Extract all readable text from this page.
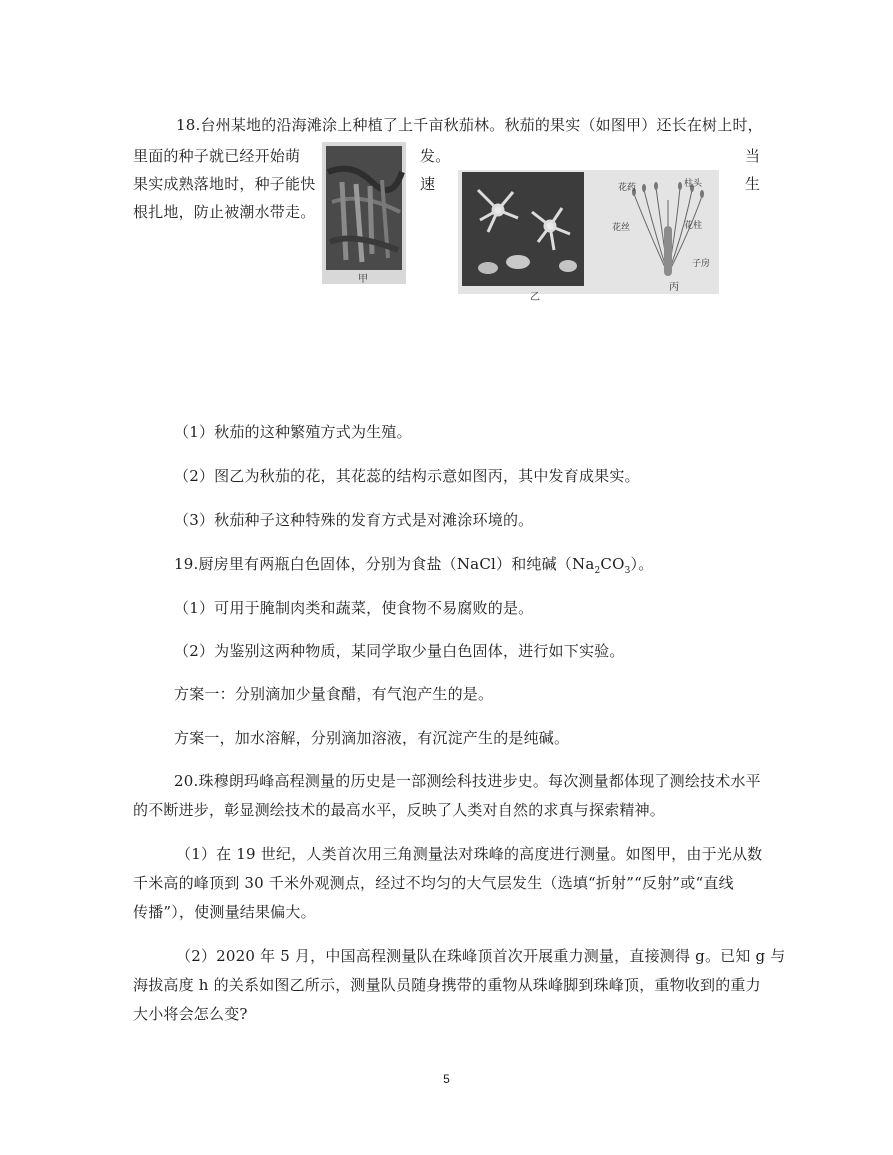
18.台州某地的沿海滩涂上种植了上千亩秋茄林。秋茄的果实（如图甲）还长在树上时，
里面的种子就已经开始萌	发。	当
果实成熟落地时，种子能快	速	生
根扎地，防止被潮水带走。
甲
花药	柱头
花丝	花柱
子房
乙
丙
（1）秋茄的这种繁殖方式为生殖。
（2）图乙为秋茄的花，其花蕊的结构示意如图丙，其中发育成果实。
（3）秋茄种子这种特殊的发育方式是对滩涂环境的。
19.厨房里有两瓶白色固体，分别为食盐（NaCl）和纯碱$(Na_2CO_3)$。
（1）可用于腌制肉类和蔬菜，使食物不易腐败的是。
（2）为鉴别这两种物质，某同学取少量白色固体，进行如下实验。
方案一：分别滴加少量食醋，有气泡产生的是。
方案一，加水溶解，分别滴加溶液，有沉淀产生的是纯碱。
20.珠穆朗玛峰高程测量的历史是一部测绘科技进步史。每次测量都体现了测绘技术水平
的不断进步，彰显测绘技术的最高水平，反映了人类对自然的求真与探索精神。
（1）在 19 世纪，人类首次用三角测量法对珠峰的高度进行测量。如图甲，由于光从数
千米高的峰顶到 30 千米外观测点，经过不均匀的大气层发生（选填“折射”“反射”或“直线
传播”），使测量结果偏大。
（2）2020 年 5 月，中国高程测量队在珠峰顶首次开展重力测量，直接测得 g。已知 g 与
海拔高度 h 的关系如图乙所示，测量队员随身携带的重物从珠峰脚到珠峰顶，重物收到的重力
大小将会怎么变?
5
